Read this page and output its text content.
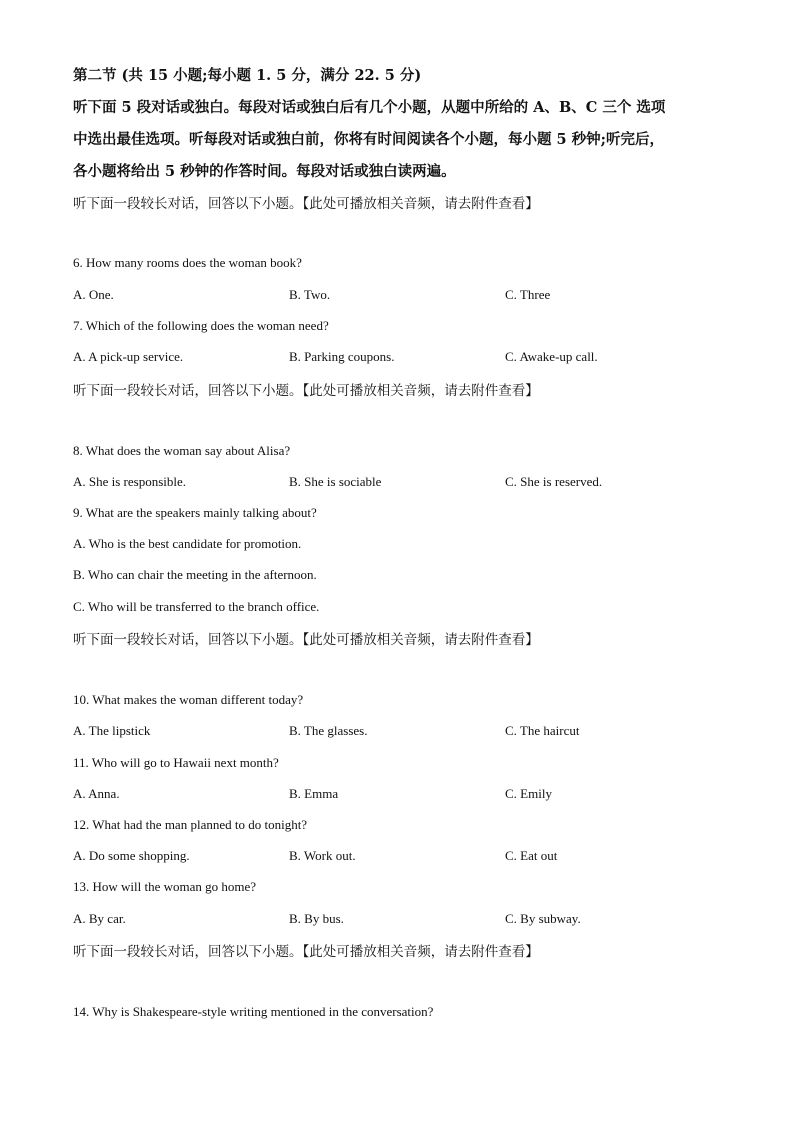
第二节 (共 15 小题;每小题 1. 5 分，满分 22. 5 分)
听下面 5 段对话或独白。每段对话或独白后有几个小题，从题中所给的 A、B、C 三个 选项
中选出最佳选项。听每段对话或独白前，你将有时间阅读各个小题，每小题 5 秒钟;听完后，
各小题将给出 5 秒钟的作答时间。每段对话或独白读两遍。
听下面一段较长对话，回答以下小题。【此处可播放相关音频，请去附件查看】
6. How many rooms does the woman book?
A. One.	B. Two.	C. Three
7. Which of the following does the woman need?
A. A pick-up service.	B. Parking coupons.	C. Awake-up call.
听下面一段较长对话，回答以下小题。【此处可播放相关音频，请去附件查看】
8. What does the woman say about Alisa?
A. She is responsible.	B. She is sociable	C. She is reserved.
9. What are the speakers mainly talking about?
A. Who is the best candidate for promotion.
B. Who can chair the meeting in the afternoon.
C. Who will be transferred to the branch office.
听下面一段较长对话，回答以下小题。【此处可播放相关音频，请去附件查看】
10. What makes the woman different today?
A. The lipstick	B. The glasses.	C. The haircut
11. Who will go to Hawaii next month?
A. Anna.	B. Emma	C. Emily
12. What had the man planned to do tonight?
A. Do some shopping.	B. Work out.	C. Eat out
13. How will the woman go home?
A. By car.	B. By bus.	C. By subway.
听下面一段较长对话，回答以下小题。【此处可播放相关音频，请去附件查看】
14. Why is Shakespeare-style writing mentioned in the conversation?
